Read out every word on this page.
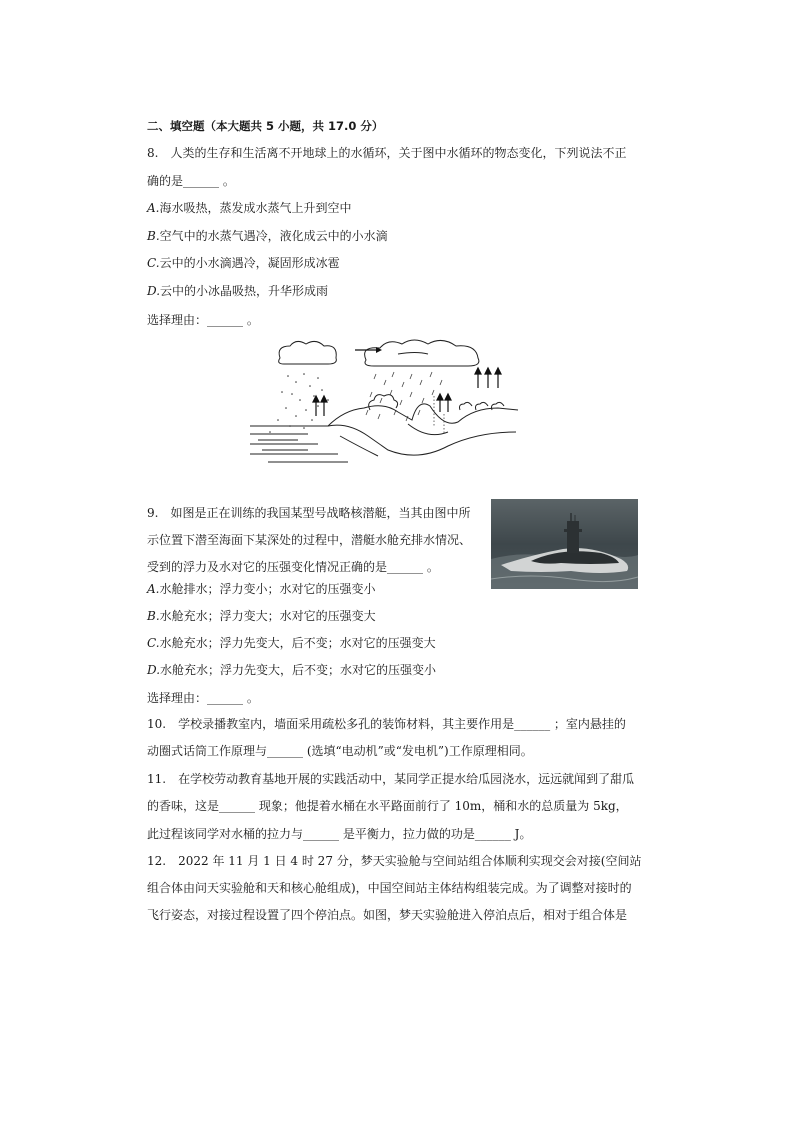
二、填空题（本大题共 5 小题，共 17.0 分）
8.　人类的生存和生活离不开地球上的水循环，关于图中水循环的物态变化，下列说法不正
确的是______ 。
A.海水吸热，蒸发成水蒸气上升到空中
B.空气中的水蒸气遇冷，液化成云中的小水滴
C.云中的小水滴遇冷，凝固形成冰雹
D.云中的小冰晶吸热，升华形成雨
选择理由：______ 。
9.　如图是正在训练的我国某型号战略核潜艇，当其由图中所
示位置下潜至海面下某深处的过程中，潜艇水舱充排水情况、
受到的浮力及水对它的压强变化情况正确的是______ 。
A.水舱排水；浮力变小；水对它的压强变小
B.水舱充水；浮力变大；水对它的压强变大
C.水舱充水；浮力先变大，后不变；水对它的压强变大
D.水舱充水；浮力先变大，后不变；水对它的压强变小
选择理由：______ 。
10.　学校录播教室内，墙面采用疏松多孔的装饰材料，其主要作用是______ ；室内悬挂的
动圈式话筒工作原理与______ (选填“电动机”或“发电机”)工作原理相同。
11.　在学校劳动教育基地开展的实践活动中，某同学正提水给瓜园浇水，远远就闻到了甜瓜
的香味，这是______ 现象；他提着水桶在水平路面前行了 10m，桶和水的总质量为 5kg，
此过程该同学对水桶的拉力与______ 是平衡力，拉力做的功是______ J。
12.　2022 年 11 月 1 日 4 时 27 分，梦天实验舱与空间站组合体顺利实现交会对接(空间站
组合体由问天实验舱和天和核心舱组成)，中国空间站主体结构组装完成。为了调整对接时的
飞行姿态，对接过程设置了四个停泊点。如图，梦天实验舱进入停泊点后，相对于组合体是
